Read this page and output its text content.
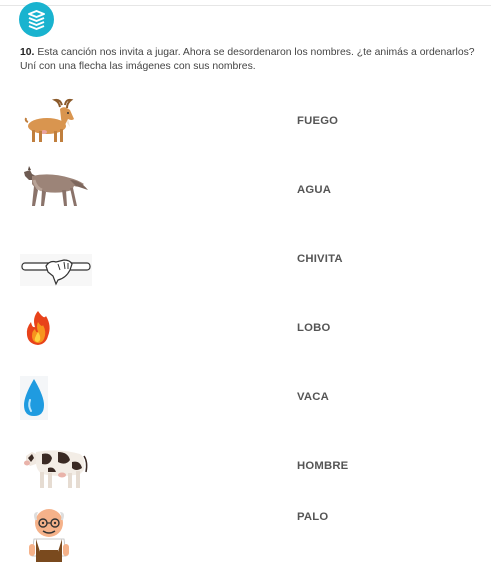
10. Esta canción nos invita a jugar. Ahora se desordenaron los nombres. ¿te animás a ordenarlos? Uní con una flecha las imágenes con sus nombres.
FUEGO
AGUA
CHIVITA
LOBO
VACA
HOMBRE
PALO
